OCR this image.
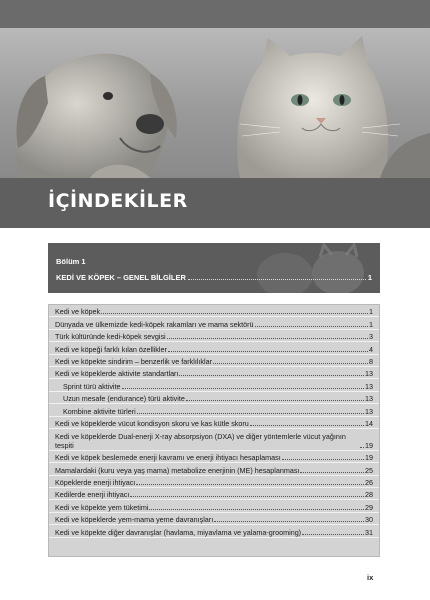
İÇİNDEKİLER
Bölüm 1
KEDİ VE KÖPEK – GENEL BİLGİLER	1
Kedi ve köpek	1
Dünyada ve ülkemizde kedi-köpek rakamları ve mama sektörü	1
Türk kültüründe kedi-köpek sevgisi	3
Kedi ve köpeği farklı kılan özellikler	4
Kedi ve köpekte sindirim – benzerlik ve farklılıklar	8
Kedi ve köpeklerde aktivite standartları	13
Sprint türü aktivite	13
Uzun mesafe (endurance) türü aktivite	13
Kombine aktivite türleri	13
Kedi ve köpeklerde vücut kondisyon skoru ve kas kütle skoru	14
Kedi ve köpeklerde Dual-enerji X-ray absorpsiyon (DXA) ve diğer yöntemlerle vücut yağının tespiti	19
Kedi ve köpek beslemede enerji kavramı ve enerji ihtiyacı hesaplaması	19
Mamalardaki (kuru veya yaş mama) metabolize enerjinin (ME) hesaplanması	25
Köpeklerde enerji ihtiyacı	26
Kedilerde enerji ihtiyacı	28
Kedi ve köpekte yem tüketimi	29
Kedi ve köpeklerde yem-mama yeme davranışları	30
Kedi ve köpekte diğer davranışlar (havlama, miyavlama ve yalama-grooming)	31
ix
